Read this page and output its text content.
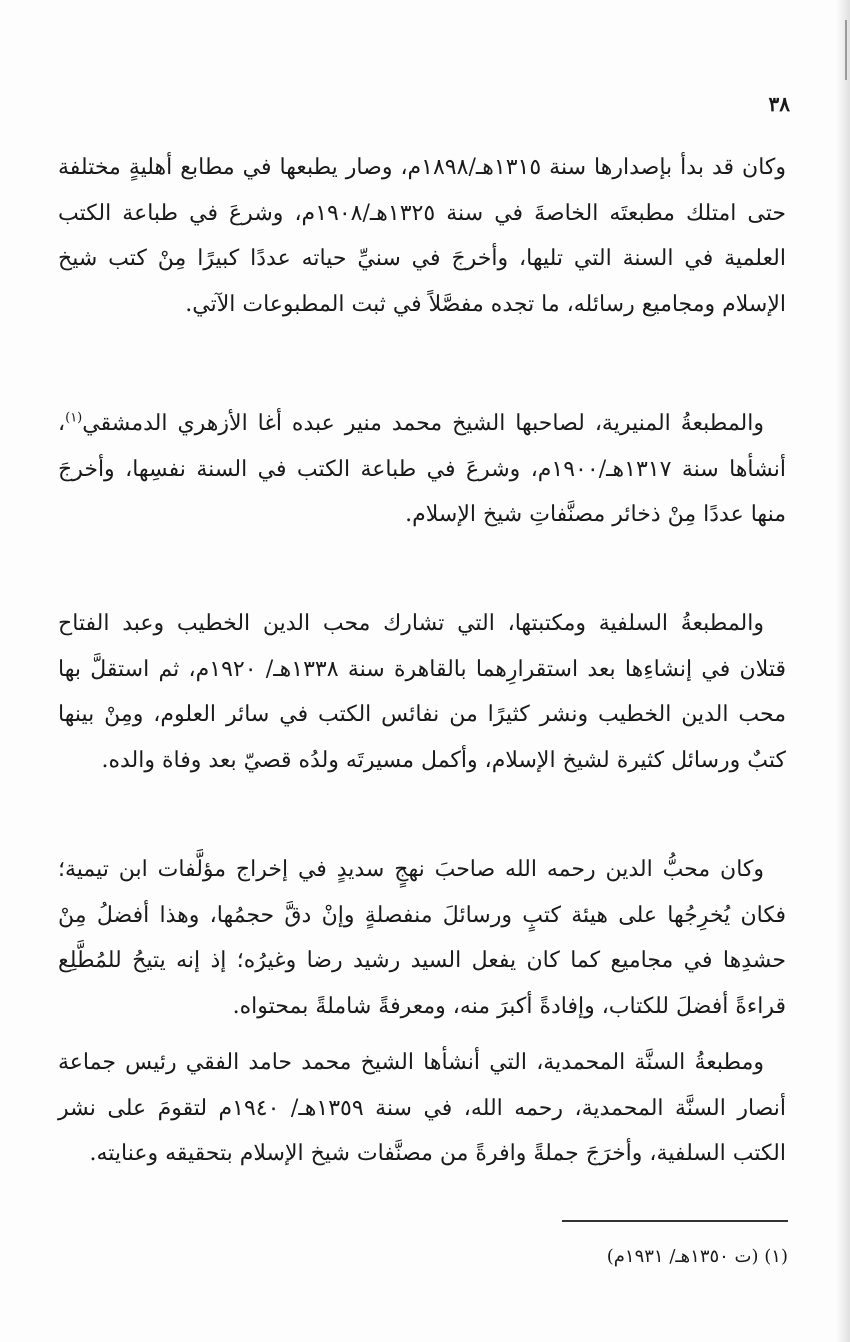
٣٨

وكان قد بدأ بإصدارها سنة ١٣١٥هـ/١٨٩٨م، وصار يطبعها في مطابع أهليةٍ مختلفة حتى امتلك مطبعتَه الخاصةَ في سنة ١٣٢٥هـ/١٩٠٨م، وشرعَ في طباعة الكتب العلمية في السنة التي تليها، وأخرجَ في سنيِّ حياته عددًا كبيرًا مِنْ كتب شيخ الإسلام ومجاميع رسائله، ما تجده مفصَّلاً في ثبت المطبوعات الآتي.

والمطبعةُ المنيرية، لصاحبها الشيخ محمد منير عبده أغا الأزهري الدمشقي$^{(١)}$، أنشأها سنة ١٣١٧هـ/١٩٠٠م، وشرعَ في طباعة الكتب في السنة نفسِها، وأخرجَ منها عددًا مِنْ ذخائر مصنَّفاتِ شيخ الإسلام.

والمطبعةُ السلفية ومكتبتها، التي تشارك محب الدين الخطيب وعبد الفتاح قتلان في إنشاءِها بعد استقرارِهما بالقاهرة سنة ١٣٣٨هـ/ ١٩٢٠م، ثم استقلَّ بها محب الدين الخطيب ونشر كثيرًا من نفائس الكتب في سائر العلوم، ومِنْ بينها كتبٌ ورسائل كثيرة لشيخ الإسلام، وأكمل مسيرتَه ولدُه قصيّ بعد وفاة والده.

وكان محبُّ الدين رحمه الله صاحبَ نهجٍ سديدٍ في إخراج مؤلَّفات ابن تيمية؛ فكان يُخرِجُها على هيئة كتبٍ ورسائلَ منفصلةٍ وإنْ دقَّ حجمُها، وهذا أفضلُ مِنْ حشدِها في مجاميع كما كان يفعل السيد رشيد رضا وغيرُه؛ إذ إنه يتيحُ للمُطَّلِع قراءةً أفضلَ للكتاب، وإفادةً أكبرَ منه، ومعرفةً شاملةً بمحتواه.

ومطبعةُ السنَّة المحمدية، التي أنشأها الشيخ محمد حامد الفقي رئيس جماعة أنصار السنَّة المحمدية، رحمه الله، في سنة ١٣٥٩هـ/ ١٩٤٠م لتقومَ على نشر الكتب السلفية، وأخرَجَ جملةً وافرةً من مصنَّفات شيخ الإسلام بتحقيقه وعنايته.

(١) (ت ١٣٥٠هـ/ ١٩٣١م)
